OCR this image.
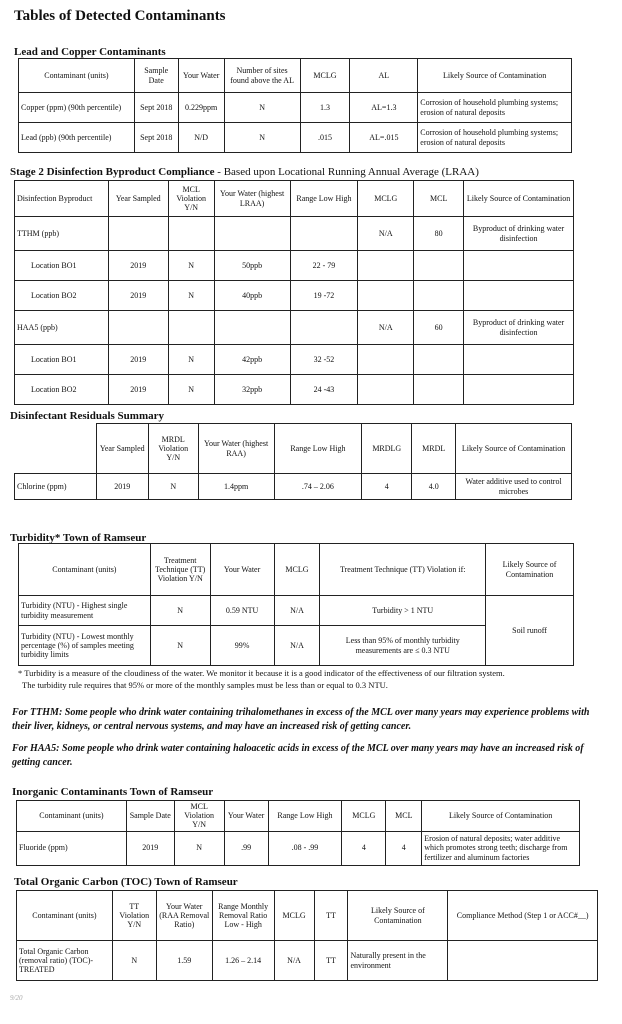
Tables of Detected Contaminants
Lead and Copper Contaminants
Contaminant (units)	Sample Date	Your Water	Number of sites found above the AL	MCLG	AL	Likely Source of Contamination
Copper (ppm) (90th percentile)	Sept 2018	0.229ppm	N	1.3	AL=1.3	Corrosion of household plumbing systems; erosion of natural deposits
Lead (ppb) (90th percentile)	Sept 2018	N/D	N	.015	AL=.015	Corrosion of household plumbing systems; erosion of natural deposits
Stage 2 Disinfection Byproduct Compliance - Based upon Locational Running Annual Average (LRAA)
Disinfection Byproduct	Year Sampled	MCL Violation Y/N	Your Water (highest LRAA)	Range Low High	MCLG	MCL	Likely Source of Contamination
TTHM (ppb)					N/A	80	Byproduct of drinking water disinfection
Location BO1	2019	N	50ppb	22 - 79			
Location BO2	2019	N	40ppb	19 -72			
HAA5 (ppb)					N/A	60	Byproduct of drinking water disinfection
Location BO1	2019	N	42ppb	32 -52			
Location BO2	2019	N	32ppb	24 -43			
Disinfectant Residuals Summary
	Year Sampled	MRDL Violation Y/N	Your Water (highest RAA)	Range Low High	MRDLG	MRDL	Likely Source of Contamination
Chlorine (ppm)	2019	N	1.4ppm	.74 – 2.06	4	4.0	Water additive used to control microbes
Turbidity* Town of Ramseur
Contaminant (units)	Treatment Technique (TT) Violation Y/N	Your Water	MCLG	Treatment Technique (TT) Violation if:	Likely Source of Contamination
Turbidity (NTU) - Highest single turbidity measurement	N	0.59 NTU	N/A	Turbidity > 1 NTU	Soil runoff
Turbidity (NTU) - Lowest monthly percentage (%) of samples meeting turbidity limits	N	99%	N/A	Less than 95% of monthly turbidity measurements are ≤ 0.3 NTU	
* Turbidity is a measure of the cloudiness of the water. We monitor it because it is a good indicator of the effectiveness of our filtration system.
The turbidity rule requires that 95% or more of the monthly samples must be less than or equal to 0.3 NTU.
For TTHM: Some people who drink water containing trihalomethanes in excess of the MCL over many years may experience problems with their liver, kidneys, or central nervous systems, and may have an increased risk of getting cancer.
For HAA5: Some people who drink water containing haloacetic acids in excess of the MCL over many years may have an increased risk of getting cancer.
Inorganic Contaminants Town of Ramseur
Contaminant (units)	Sample Date	MCL Violation Y/N	Your Water	Range Low High	MCLG	MCL	Likely Source of Contamination
Fluoride (ppm)	2019	N	.99	.08 - .99	4	4	Erosion of natural deposits; water additive which promotes strong teeth; discharge from fertilizer and aluminum factories
Total Organic Carbon (TOC) Town of Ramseur
Contaminant (units)	TT Violation Y/N	Your Water (RAA Removal Ratio)	Range Monthly Removal Ratio Low - High	MCLG	TT	Likely Source of Contamination	Compliance Method (Step 1 or ACC#__)
Total Organic Carbon (removal ratio) (TOC)-TREATED	N	1.59	1.26 – 2.14	N/A	TT	Naturally present in the environment	
9/20
